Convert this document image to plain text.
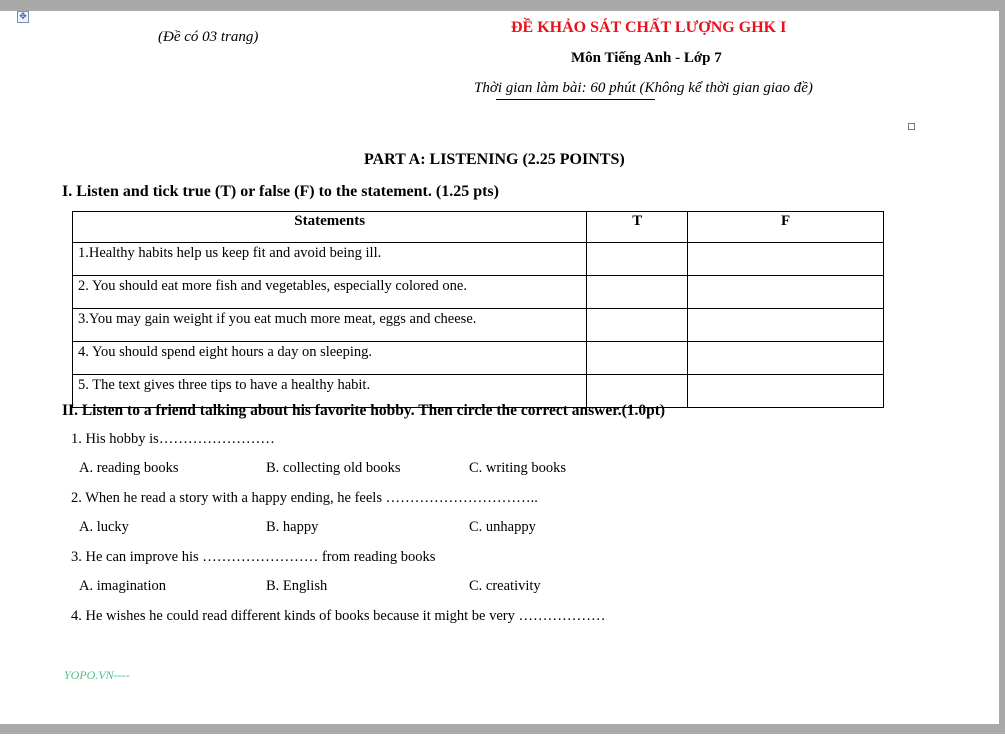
✥
(Đề có 03 trang)
ĐỀ KHẢO SÁT CHẤT LƯỢNG GHK I
Môn Tiếng Anh - Lớp 7
Thời gian làm bài: 60 phút (Không kể thời gian giao đề)
PART A: LISTENING (2.25 POINTS)
I. Listen and tick true (T) or false (F) to the statement. (1.25 pts)
Statements	T	F
1.Healthy habits help us keep fit and avoid being ill.		
2. You should eat more fish and vegetables, especially colored one.		
3.You may gain weight if you eat much more meat, eggs and cheese.		
4. You should spend eight hours a day on sleeping.		
5. The text gives three tips to have a healthy habit.		
II. Listen to a friend talking about his favorite hobby. Then circle the correct answer.(1.0pt)
1. His hobby is……………………
A. reading books	B. collecting old books	C. writing books
2. When he read a story with a happy ending, he feels …………………………..
A. lucky	B. happy	C. unhappy
3. He can improve his …………………… from reading books
A. imagination	B. English	C. creativity
4. He wishes he could read different kinds of books because it might be very ………………
YOPO.VN----
